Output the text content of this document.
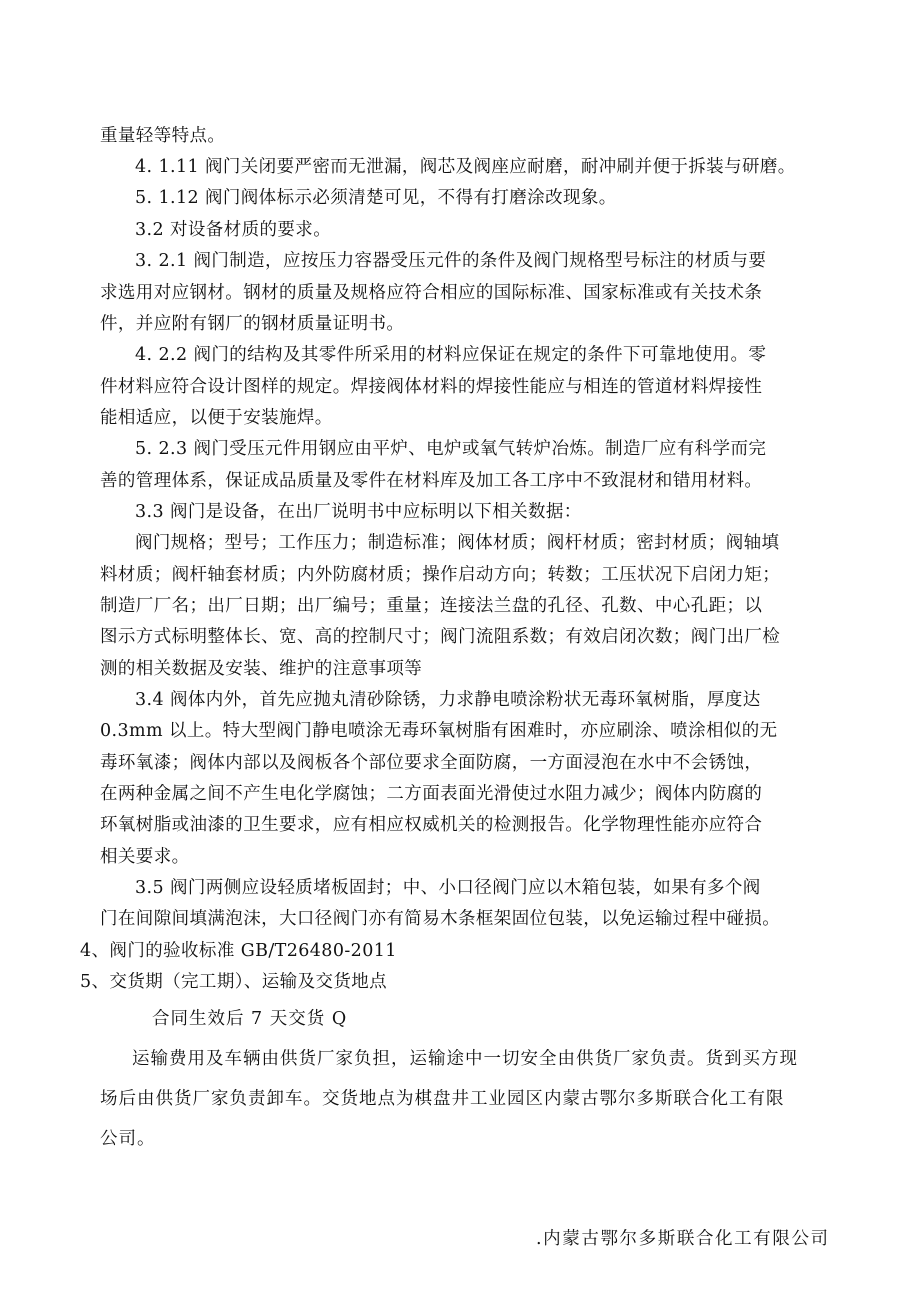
重量轻等特点。
4. 1.11 阀门关闭要严密而无泄漏，阀芯及阀座应耐磨，耐冲刷并便于拆装与研磨。
5. 1.12 阀门阀体标示必须清楚可见，不得有打磨涂改现象。
3.2 对设备材质的要求。
3. 2.1 阀门制造，应按压力容器受压元件的条件及阀门规格型号标注的材质与要
求选用对应钢材。钢材的质量及规格应符合相应的国际标准、国家标准或有关技术条
件，并应附有钢厂的钢材质量证明书。
4. 2.2 阀门的结构及其零件所采用的材料应保证在规定的条件下可靠地使用。零
件材料应符合设计图样的规定。焊接阀体材料的焊接性能应与相连的管道材料焊接性
能相适应，以便于安装施焊。
5. 2.3 阀门受压元件用钢应由平炉、电炉或氧气转炉冶炼。制造厂应有科学而完
善的管理体系，保证成品质量及零件在材料库及加工各工序中不致混材和错用材料。
3.3 阀门是设备，在出厂说明书中应标明以下相关数据：
阀门规格；型号；工作压力；制造标准；阀体材质；阀杆材质；密封材质；阀轴填
料材质；阀杆轴套材质；内外防腐材质；操作启动方向；转数；工压状况下启闭力矩；
制造厂厂名；出厂日期；出厂编号；重量；连接法兰盘的孔径、孔数、中心孔距；以
图示方式标明整体长、宽、高的控制尺寸；阀门流阻系数；有效启闭次数；阀门出厂检
测的相关数据及安装、维护的注意事项等
3.4 阀体内外，首先应抛丸清砂除锈，力求静电喷涂粉状无毒环氧树脂，厚度达
0.3mm 以上。特大型阀门静电喷涂无毒环氧树脂有困难时，亦应刷涂、喷涂相似的无
毒环氧漆；阀体内部以及阀板各个部位要求全面防腐，一方面浸泡在水中不会锈蚀，
在两种金属之间不产生电化学腐蚀；二方面表面光滑使过水阻力减少；阀体内防腐的
环氧树脂或油漆的卫生要求，应有相应权威机关的检测报告。化学物理性能亦应符合
相关要求。
3.5 阀门两侧应设轻质堵板固封；中、小口径阀门应以木箱包装，如果有多个阀
门在间隙间填满泡沫，大口径阀门亦有简易木条框架固位包装，以免运输过程中碰损。
4、阀门的验收标准 GB/T26480-2011
5、交货期（完工期）、运输及交货地点
合同生效后 7 天交货 Q
运输费用及车辆由供货厂家负担，运输途中一切安全由供货厂家负责。货到买方现
场后由供货厂家负责卸车。交货地点为棋盘井工业园区内蒙古鄂尔多斯联合化工有限
公司。
.内蒙古鄂尔多斯联合化工有限公司
